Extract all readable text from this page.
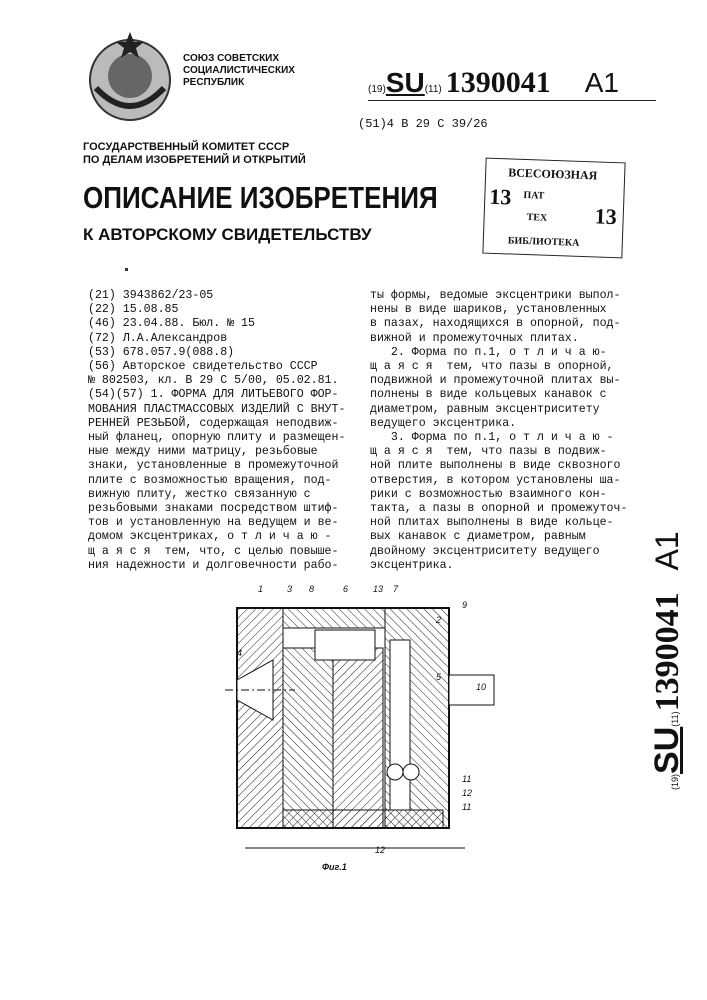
СОЮЗ СОВЕТСКИХ
СОЦИАЛИСТИЧЕСКИХ
РЕСПУБЛИК
(19)SU(11) 1390041 A1
(51)4 В 29 С 39/26
ГОСУДАРСТВЕННЫЙ КОМИТЕТ СССР
ПО ДЕЛАМ ИЗОБРЕТЕНИЙ И ОТКРЫТИЙ
ОПИСАНИЕ ИЗОБРЕТЕНИЯ
К АВТОРСКОМУ СВИДЕТЕЛЬСТВУ
ВСЕСОЮЗНАЯ
13 ПАТ
ТЕХ 13
БИБЛИОТЕКА
(21) 3943862/23-05
(22) 15.08.85
(46) 23.04.88. Бюл. № 15
(72) Л.А.Александров
(53) 678.057.9(088.8)
(56) Авторское свидетельство СССР
№ 802503, кл. В 29 С 5/00, 05.02.81.
(54)(57) 1. ФОРМА ДЛЯ ЛИТЬЕВОГО ФОР-
МОВАНИЯ ПЛАСТМАССОВЫХ ИЗДЕЛИЙ С ВНУТ-
РЕННЕЙ РЕЗЬБОЙ, содержащая неподвиж-
ный фланец, опорную плиту и размещен-
ные между ними матрицу, резьбовые
знаки, установленные в промежуточной
плите с возможностью вращения, под-
вижную плиту, жестко связанную с
резьбовыми знаками посредством штиф-
тов и установленную на ведущем и ве-
домом эксцентриках, о т л и ч а ю -
щ а я с я  тем, что, с целью повыше-
ния надежности и долговечности рабо-
ты формы, ведомые эксцентрики выпол-
нены в виде шариков, установленных
в пазах, находящихся в опорной, под-
вижной и промежуточных плитах.
2. Форма по п.1, о т л и ч а ю-
щ а я с я  тем, что пазы в опорной,
подвижной и промежуточной плитах вы-
полнены в виде кольцевых канавок с
диаметром, равным эксцентриситету
ведущего эксцентрика.
3. Форма по п.1, о т л и ч а ю -
щ а я с я  тем, что пазы в подвиж-
ной плите выполнены в виде сквозного
отверстия, в котором установлены ша-
рики с возможностью взаимного кон-
такта, а пазы в опорной и промежуточ-
ной плитах выполнены в виде кольце-
вых канавок с диаметром, равным
двойному эксцентриситету ведущего
эксцентрика.
(19)SU(11)1390041A1
1	3 8	6	13 7
9
2
4
5
10
11
12
11
12
Фиг.1
